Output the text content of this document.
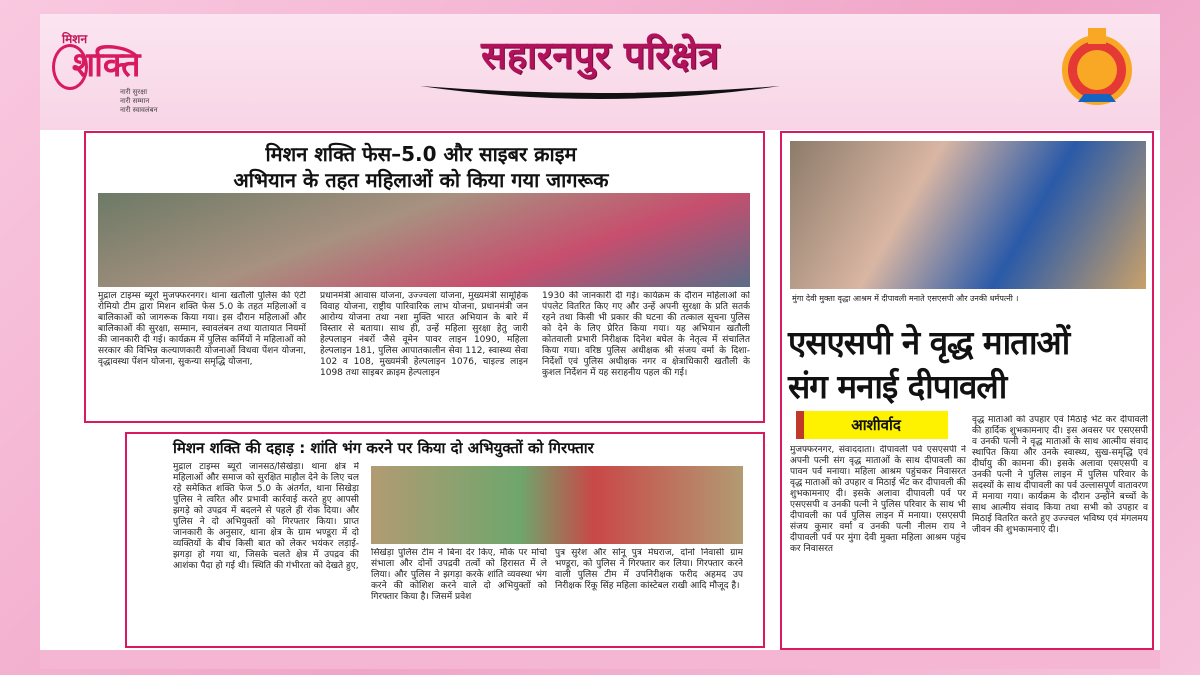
मिशन
शक्ति
नारी सुरक्षा
नारी सम्मान
नारी स्वावलंबन
सहारनपुर परिक्षेत्र
मिशन शक्ति फेस–5.0 और साइबर क्राइम
अभियान के तहत महिलाओं को किया गया जागरूक
मुद्राल टाइम्स ब्यूरो मुजफ्फरनगर। थाना खतौली पुलिस की एंटी रोमियो टीम द्वारा मिशन शक्ति फेस 5.0 के तहत महिलाओं व बालिकाओं को जागरूक किया गया। इस दौरान महिलाओं और बालिकाओं की सुरक्षा, सम्मान, स्वावलंबन तथा यातायात नियमों की जानकारी दी गई। कार्यक्रम में पुलिस कर्मियों ने महिलाओं को सरकार की विभिन्न कल्याणकारी योजनाओं विधवा पेंशन योजना, वृद्धावस्था पेंशन योजना, सुकन्या समृद्धि योजना,
प्रधानमंत्री आवास योजना, उज्ज्वला योजना, मुख्यमंत्री सामूहिक विवाह योजना, राष्ट्रीय पारिवारिक लाभ योजना, प्रधानमंत्री जन आरोग्य योजना तथा नशा मुक्ति भारत अभियान के बारे में विस्तार से बताया। साथ ही, उन्हें महिला सुरक्षा हेतु जारी हेल्पलाइन नंबरों जैसे वूमेन पावर लाइन 1090, महिला हेल्पलाइन 181, पुलिस आपातकालीन सेवा 112, स्वास्थ्य सेवा 102 व 108, मुख्यमंत्री हेल्पलाइन 1076, चाइल्ड लाइन 1098 तथा साइबर क्राइम हेल्पलाइन
1930 की जानकारी दी गई। कार्यक्रम के दौरान महिलाओं को पंपलेट वितरित किए गए और उन्हें अपनी सुरक्षा के प्रति सतर्क रहने तथा किसी भी प्रकार की घटना की तत्काल सूचना पुलिस को देने के लिए प्रेरित किया गया। यह अभियान खतौली कोतवाली प्रभारी निरीक्षक दिनेश बघेल के नेतृत्व में संचालित किया गया। वरिष्ठ पुलिस अधीक्षक श्री संजय वर्मा के दिशा-निर्देशों एवं पुलिस अधीक्षक नगर व क्षेत्राधिकारी खतौली के कुशल निर्देशन में यह सराहनीय पहल की गई।
मिशन शक्ति की दहाड़ : शांति भंग करने पर किया दो अभियुक्तों को गिरफ्तार
मुद्राल टाइम्स ब्यूरो जानसठ/सिखेड़ा। थाना क्षेत्र में महिलाओं और समाज को सुरक्षित माहौल देने के लिए चल रहे समेकित शक्ति फेज 5.0 के अंतर्गत, थाना सिखेड़ा पुलिस ने त्वरित और प्रभावी कार्रवाई करते हुए आपसी झगड़े को उपद्रव में बदलने से पहले ही रोक दिया। और पुलिस ने दो अभियुक्तों को गिरफ्तार किया। प्राप्त जानकारी के अनुसार, थाना क्षेत्र के ग्राम भण्डूरा में दो व्यक्तियों के बीच किसी बात को लेकर भयंकर लड़ाई-झगड़ा हो गया था, जिसके चलते क्षेत्र में उपद्रव की आशंका पैदा हो गई थी। स्थिति की गंभीरता को देखते हुए,
सिखेड़ा पुलिस टीम ने बिना देर किए, मौके पर मोर्चा संभाला और दोनों उपद्रवी तत्वों को हिरासत में ले लिया। और पुलिस ने झगड़ा करके शांति व्यवस्था भंग करने की कोशिश करने वाले दो अभियुक्तों को गिरफ्तार किया है। जिसमें प्रवेश
पुत्र सुरेश और सोनू पुत्र मेघराज, दोनों निवासी ग्राम भण्डूरा, को पुलिस ने गिरफ्तार कर लिया। गिरफ्तार करने वाली पुलिस टीम में उपनिरीक्षक फरीद अहमद उप निरीक्षक रिंकू सिंह महिला कांस्टेबल राखी आदि मौजूद है।
मुंगा देवी मुक्ता वृद्धा आश्रम में दीपावली मनाते एसएसपी और उनकी धर्मपत्नी ।
एसएसपी ने वृद्ध माताओं
संग मनाई दीपावली
आशीर्वाद
मुजफ्फरनगर, संवाददाता। दीपावली पर्व एसएसपी ने अपनी पत्नी संग वृद्ध माताओं के साथ दीपावली का पावन पर्व मनाया। महिला आश्रम पहुंचकर निवासरत वृद्ध माताओं को उपहार व मिठाई भेंट कर दीपावली की शुभकामनाए दी। इसके अलावा दीपावली पर्व पर एसएसपी व उनकी पत्नी ने पुलिस परिवार के साथ भी दीपावली का पर्व पुलिस लाइन में मनाया। एसएसपी संजय कुमार वर्मा व उनकी पत्नी नीलम राय ने दीपावली पर्व पर मुंगा देवी मुक्ता महिला आश्रम पहुंच कर निवासरत
वृद्ध माताओं को उपहार एवं मिठाई भेंट कर दीपावली की हार्दिक शुभकामनाए दी। इस अवसर पर एसएसपी व उनकी पत्नी ने वृद्ध माताओं के साथ आत्मीय संवाद स्थापित किया और उनके स्वास्थ्य, सुख-समृद्धि एवं दीर्घायु की कामना की। इसके अलावा एसएसपी व उनकी पत्नी ने पुलिस लाइन में पुलिस परिवार के सदस्यों के साथ दीपावली का पर्व उल्लासपूर्ण वातावरण में मनाया गया। कार्यक्रम के दौरान उन्होंने बच्चों के साथ आत्मीय संवाद किया तथा सभी को उपहार व मिठाई वितरित करते हुए उज्ज्वल भविष्य एवं मंगलमय जीवन की शुभकामनाएं दी।
